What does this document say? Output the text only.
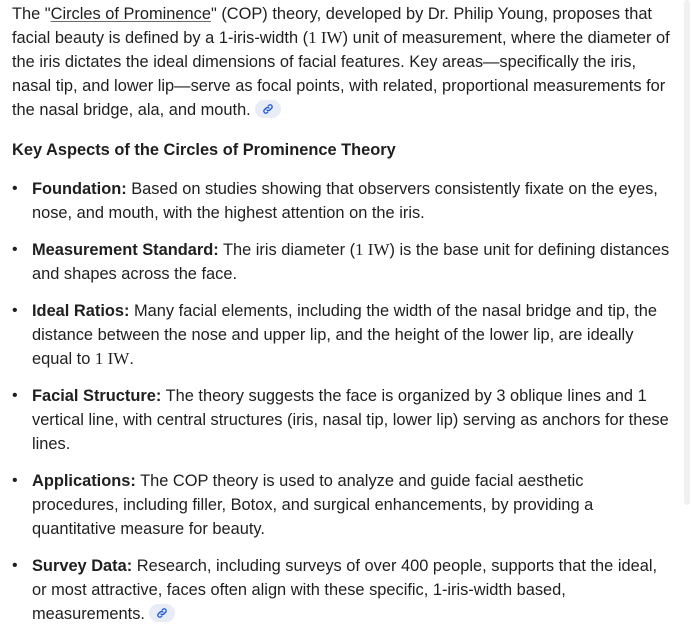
The "Circles of Prominence" (COP) theory, developed by Dr. Philip Young, proposes that facial beauty is defined by a 1-iris-width (1 IW) unit of measurement, where the diameter of the iris dictates the ideal dimensions of facial features. Key areas—specifically the iris, nasal tip, and lower lip—serve as focal points, with related, proportional measurements for the nasal bridge, ala, and mouth.

Key Aspects of the Circles of Prominence Theory
• Foundation: Based on studies showing that observers consistently fixate on the eyes, nose, and mouth, with the highest attention on the iris.
• Measurement Standard: The iris diameter (1 IW) is the base unit for defining distances and shapes across the face.
• Ideal Ratios: Many facial elements, including the width of the nasal bridge and tip, the distance between the nose and upper lip, and the height of the lower lip, are ideally equal to 1 IW.
• Facial Structure: The theory suggests the face is organized by 3 oblique lines and 1 vertical line, with central structures (iris, nasal tip, lower lip) serving as anchors for these lines.
• Applications: The COP theory is used to analyze and guide facial aesthetic procedures, including filler, Botox, and surgical enhancements, by providing a quantitative measure for beauty.
• Survey Data: Research, including surveys of over 400 people, supports that the ideal, or most attractive, faces often align with these specific, 1-iris-width based, measurements.
